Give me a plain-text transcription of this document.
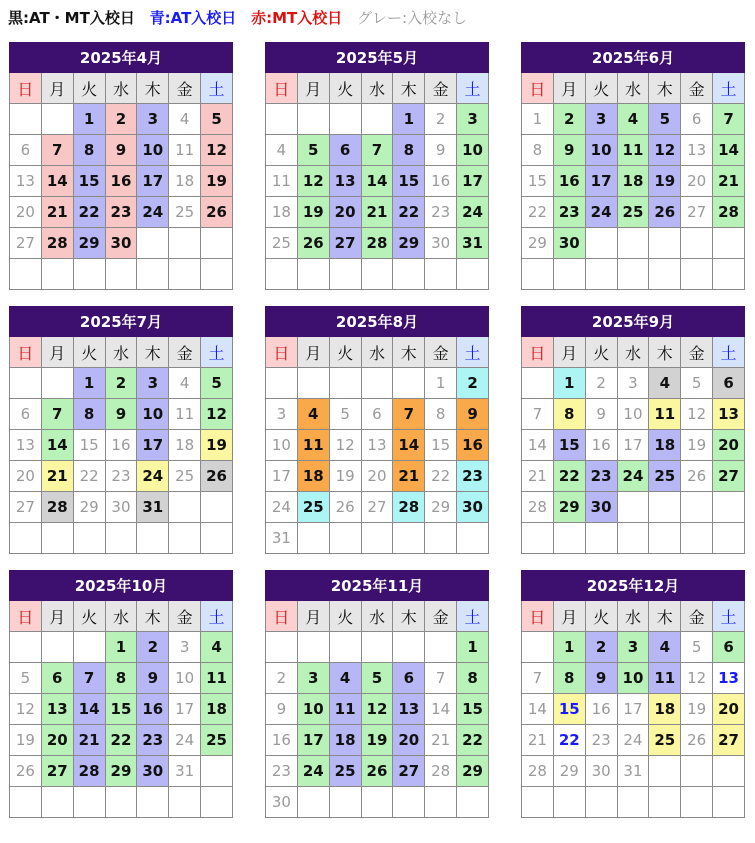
黒:AT・MT入校日 青:AT入校日 赤:MT入校日 グレー:入校なし
2025年4月						
日	月	火	水	木	金	土
		1	2	3	4	5
6	7	8	9	10	11	12
13	14	15	16	17	18	19
20	21	22	23	24	25	26
27	28	29	30			

2025年5月						
日	月	火	水	木	金	土
				1	2	3
4	5	6	7	8	9	10
11	12	13	14	15	16	17
18	19	20	21	22	23	24
25	26	27	28	29	30	31

2025年6月						
日	月	火	水	木	金	土
1	2	3	4	5	6	7
8	9	10	11	12	13	14
15	16	17	18	19	20	21
22	23	24	25	26	27	28
29	30					

2025年7月						
日	月	火	水	木	金	土
		1	2	3	4	5
6	7	8	9	10	11	12
13	14	15	16	17	18	19
20	21	22	23	24	25	26
27	28	29	30	31		

2025年8月						
日	月	火	水	木	金	土
					1	2
3	4	5	6	7	8	9
10	11	12	13	14	15	16
17	18	19	20	21	22	23
24	25	26	27	28	29	30
31						
2025年9月						
日	月	火	水	木	金	土
	1	2	3	4	5	6
7	8	9	10	11	12	13
14	15	16	17	18	19	20
21	22	23	24	25	26	27
28	29	30				

2025年10月						
日	月	火	水	木	金	土
			1	2	3	4
5	6	7	8	9	10	11
12	13	14	15	16	17	18
19	20	21	22	23	24	25
26	27	28	29	30	31	

2025年11月						
日	月	火	水	木	金	土
						1
2	3	4	5	6	7	8
9	10	11	12	13	14	15
16	17	18	19	20	21	22
23	24	25	26	27	28	29
30						
2025年12月						
日	月	火	水	木	金	土
	1	2	3	4	5	6
7	8	9	10	11	12	13
14	15	16	17	18	19	20
21	22	23	24	25	26	27
28	29	30	31			
